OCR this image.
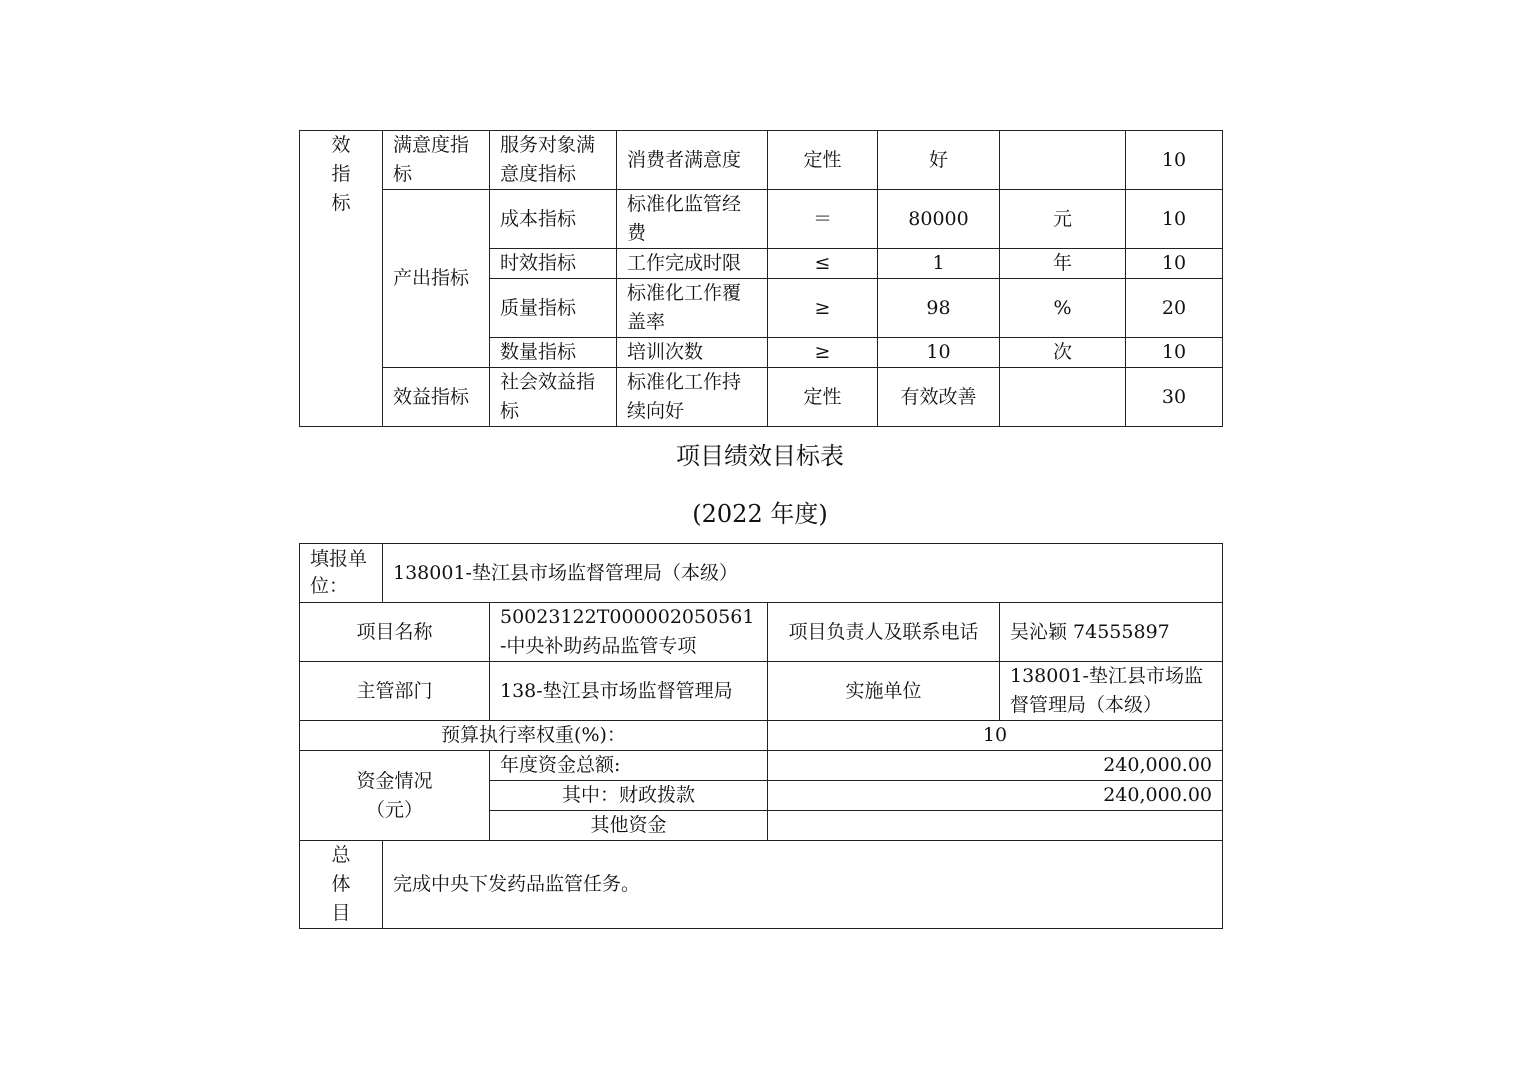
效
指
标	满意度指标	服务对象满意度指标	消费者满意度	定性	好		10
	产出指标	成本指标	标准化监管经费	＝	80000	元	10
		时效指标	工作完成时限	≤	1	年	10
		质量指标	标准化工作覆盖率	≥	98	%	20
		数量指标	培训次数	≥	10	次	10
	效益指标	社会效益指标	标准化工作持续向好	定性	有效改善		30
项目绩效目标表
(2022 年度)
填报单位：	138001-垫江县市场监督管理局（本级）			
项目名称		50023122T000002050561-中央补助药品监管专项	项目负责人及联系电话	吴沁颖 74555897
主管部门		138-垫江县市场监督管理局	实施单位	138001-垫江县市场监督管理局（本级）
预算执行率权重(%)：			10	

资金情况
（元）		年度资金总额:	240,000.00	
		其中：财政拨款	240,000.00	
		其他资金		

总
体
目	完成中央下发药品监管任务。			
